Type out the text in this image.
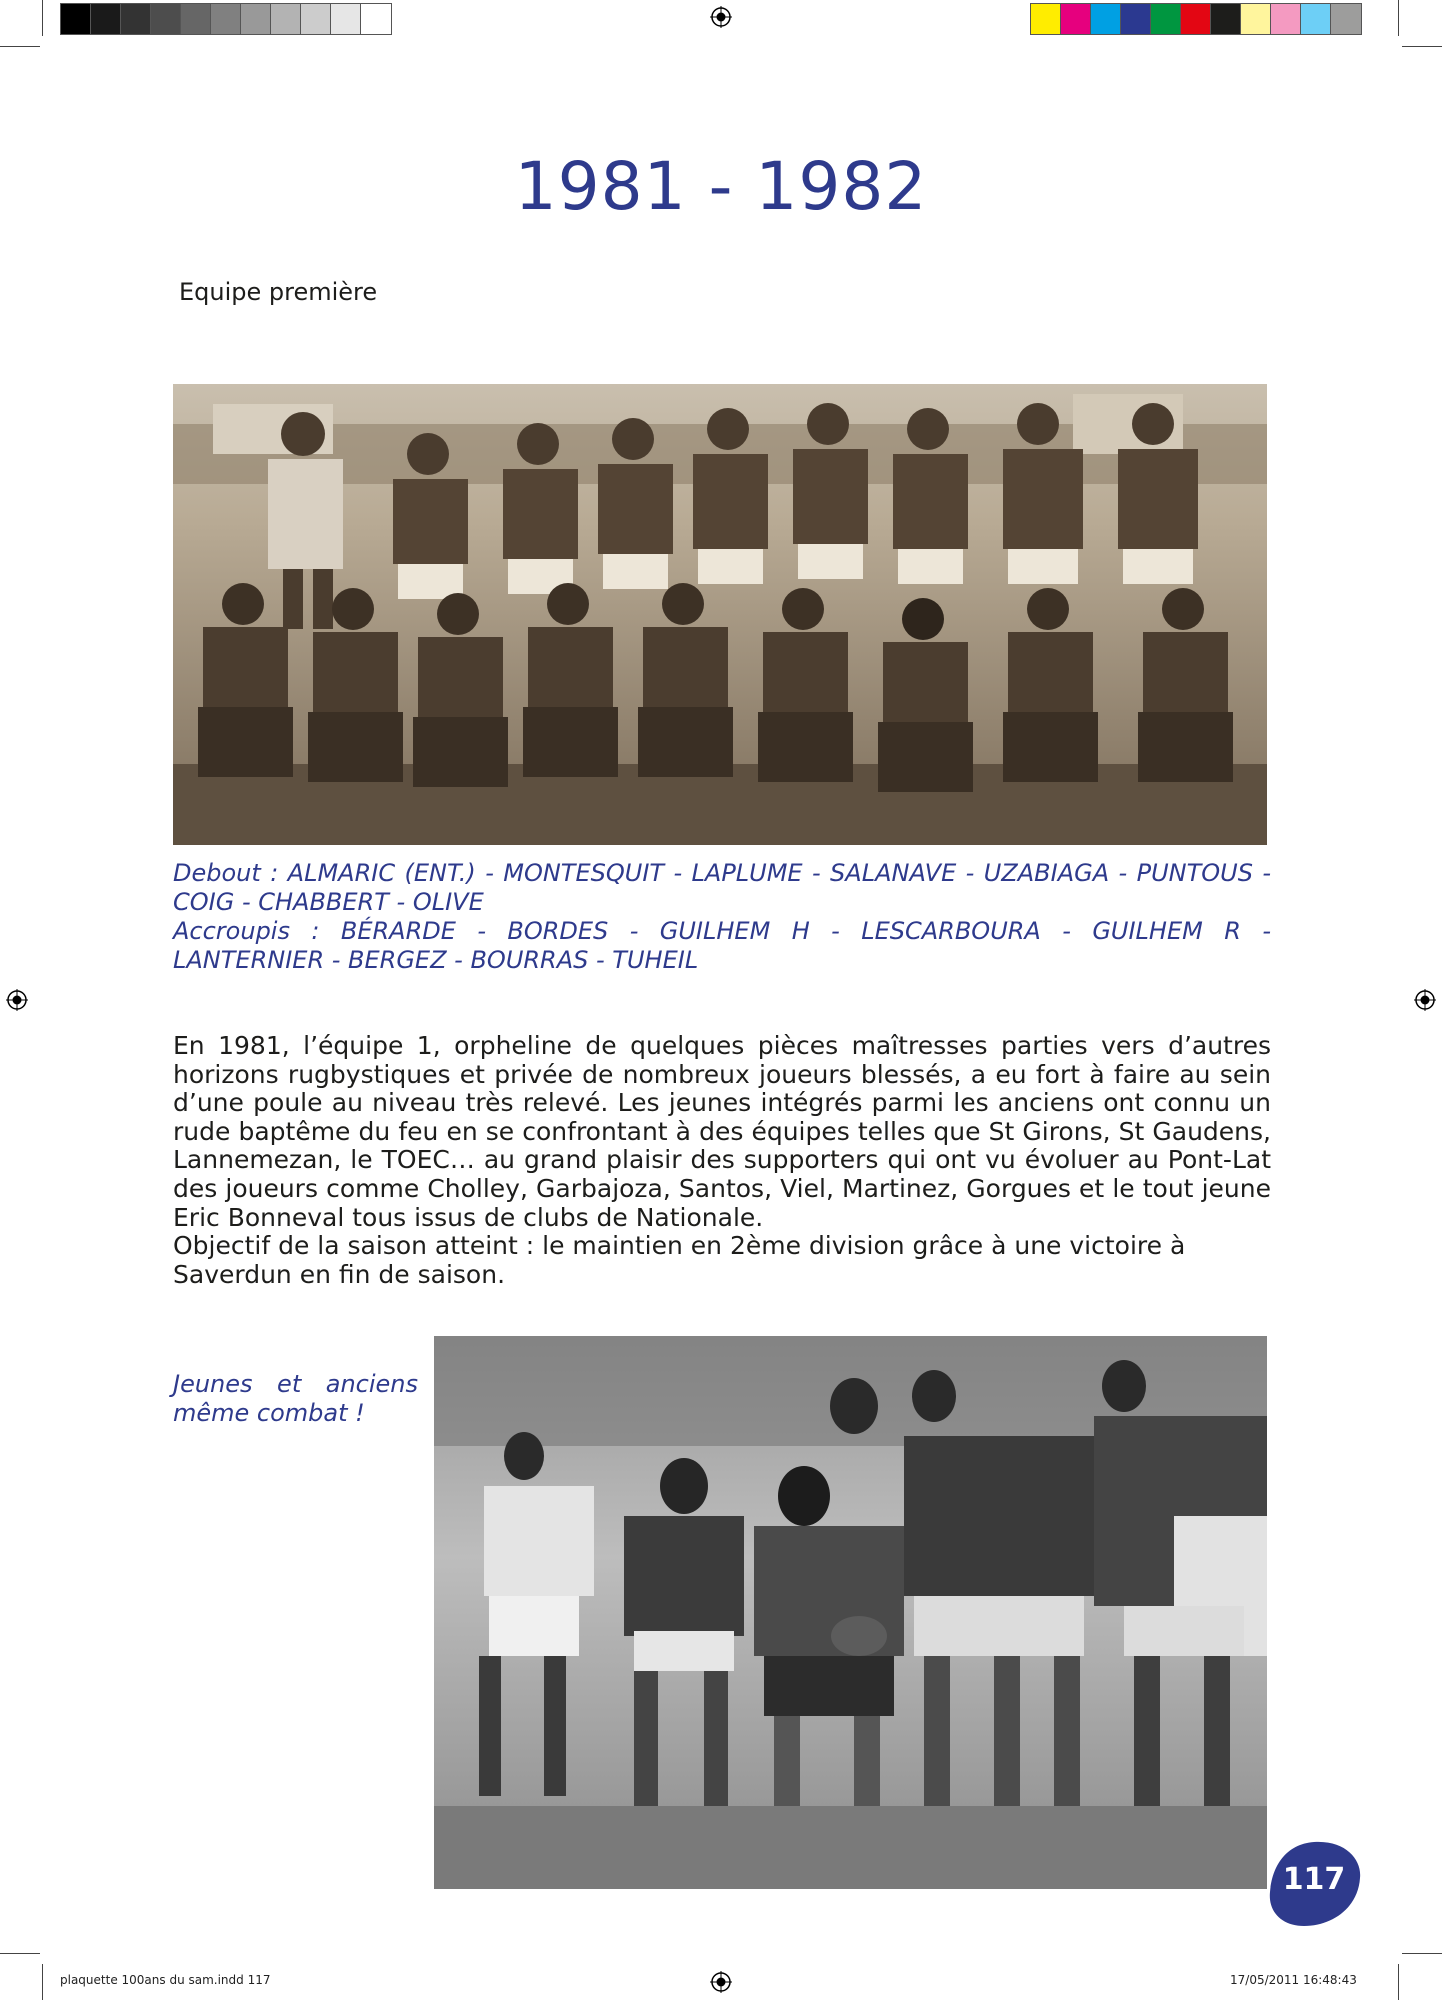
1981 - 1982
Equipe première
Debout : ALMARIC (ENT.) - MONTESQUIT - LAPLUME - SALANAVE - UZABIAGA - PUNTOUS -
COIG - CHABBERT - OLIVE
Accroupis : BÉRARDE - BORDES - GUILHEM H - LESCARBOURA - GUILHEM R -
LANTERNIER - BERGEZ - BOURRAS - TUHEIL

En 1981, l’équipe 1, orpheline de quelques pièces maîtresses parties vers d’autres horizons rugbystiques et privée de nombreux joueurs blessés, a eu fort à faire au sein d’une poule au niveau très relevé. Les jeunes intégrés parmi les anciens ont connu un rude baptême du feu en se confrontant à des équipes telles que St Girons, St Gaudens, Lannemezan, le TOEC… au grand plaisir des supporters qui ont vu évoluer au Pont-Lat des joueurs comme Cholley, Garbajoza, Santos, Viel, Martinez, Gorgues et le tout jeune Eric Bonneval tous issus de clubs de Nationale.

Objectif de la saison atteint : le maintien en 2ème division grâce à une victoire à Saverdun en fin de saison.

Jeunes et anciens
même combat !
117
plaquette 100ans du sam.indd 117	17/05/2011 16:48:43
